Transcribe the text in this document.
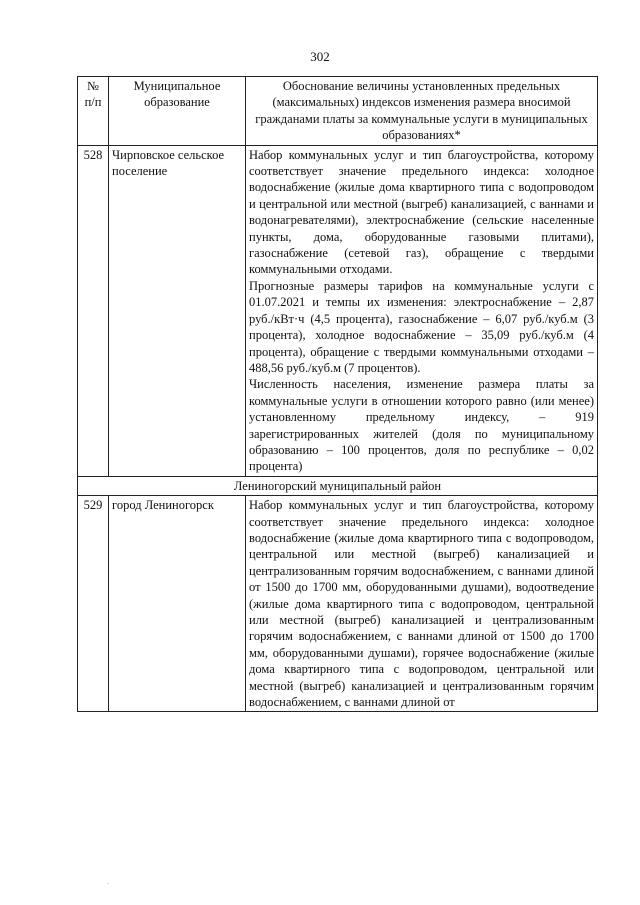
302
№ п/п	Муниципальное образование	Обоснование величины установленных предельных (максимальных) индексов изменения размера вносимой гражданами платы за коммунальные услуги в муниципальных образованиях*
528	Чирповское сельское поселение	Набор коммунальных услуг и тип благоустройства, которому соответствует значение предельного индекса: холодное водоснабжение (жилые дома квартирного типа с водопроводом и центральной или местной (выгреб) канализацией, с ваннами и водонагревателями), электроснабжение (сельские населенные пункты, дома, оборудованные газовыми плитами), газоснабжение (сетевой газ), обращение с твердыми коммунальными отходами.
Прогнозные размеры тарифов на коммунальные услуги с 01.07.2021 и темпы их изменения: электроснабжение – 2,87 руб./кВт·ч (4,5 процента), газоснабжение – 6,07 руб./куб.м (3 процента), холодное водоснабжение – 35,09 руб./куб.м (4 процента), обращение с твердыми коммунальными отходами – 488,56 руб./куб.м (7 процентов).
Численность населения, изменение размера платы за коммунальные услуги в отношении которого равно (или менее) установленному предельному индексу, – 919 зарегистрированных жителей (доля по муниципальному образованию – 100 процентов, доля по республике – 0,02 процента)

Лениногорский муниципальный район		
529	город Лениногорск	Набор коммунальных услуг и тип благоустройства, которому соответствует значение предельного индекса: холодное водоснабжение (жилые дома квартирного типа с водопроводом, центральной или местной (выгреб) канализацией и централизованным горячим водоснабжением, с ваннами длиной от 1500 до 1700 мм, оборудованными душами), водоотведение (жилые дома квартирного типа с водопроводом, центральной или местной (выгреб) канализацией и централизованным горячим водоснабжением, с ваннами длиной от 1500 до 1700 мм, оборудованными душами), горячее водоснабжение (жилые дома квартирного типа с водопроводом, центральной или местной (выгреб) канализацией и централизованным горячим водоснабжением, с ваннами длиной от
·
